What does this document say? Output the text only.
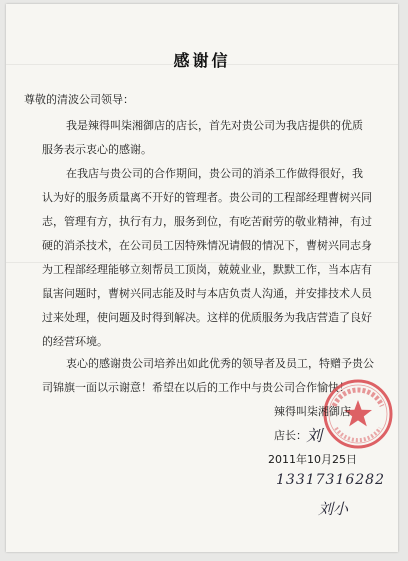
感谢信
尊敬的清波公司领导：
我是辣得叫柒湘御店的店长，首先对贵公司为我店提供的优质
服务表示衷心的感谢。
在我店与贵公司的合作期间，贵公司的消杀工作做得很好，我
认为好的服务质量离不开好的管理者。贵公司的工程部经理曹树兴同
志，管理有方，执行有力，服务到位，有吃苦耐劳的敬业精神，有过
硬的消杀技术，在公司员工因特殊情况请假的情况下，曹树兴同志身
为工程部经理能够立刻帮员工顶岗，兢兢业业，默默工作，当本店有
鼠害问题时，曹树兴同志能及时与本店负责人沟通，并安排技术人员
过来处理，使问题及时得到解决。这样的优质服务为我店营造了良好
的经营环境。
衷心的感谢贵公司培养出如此优秀的领导者及员工，特赠予贵公
司锦旗一面以示谢意！希望在以后的工作中与贵公司合作愉快！
辣得叫柒湘御店
店长： 刘
2011年10月25日
13317316282
刘小
